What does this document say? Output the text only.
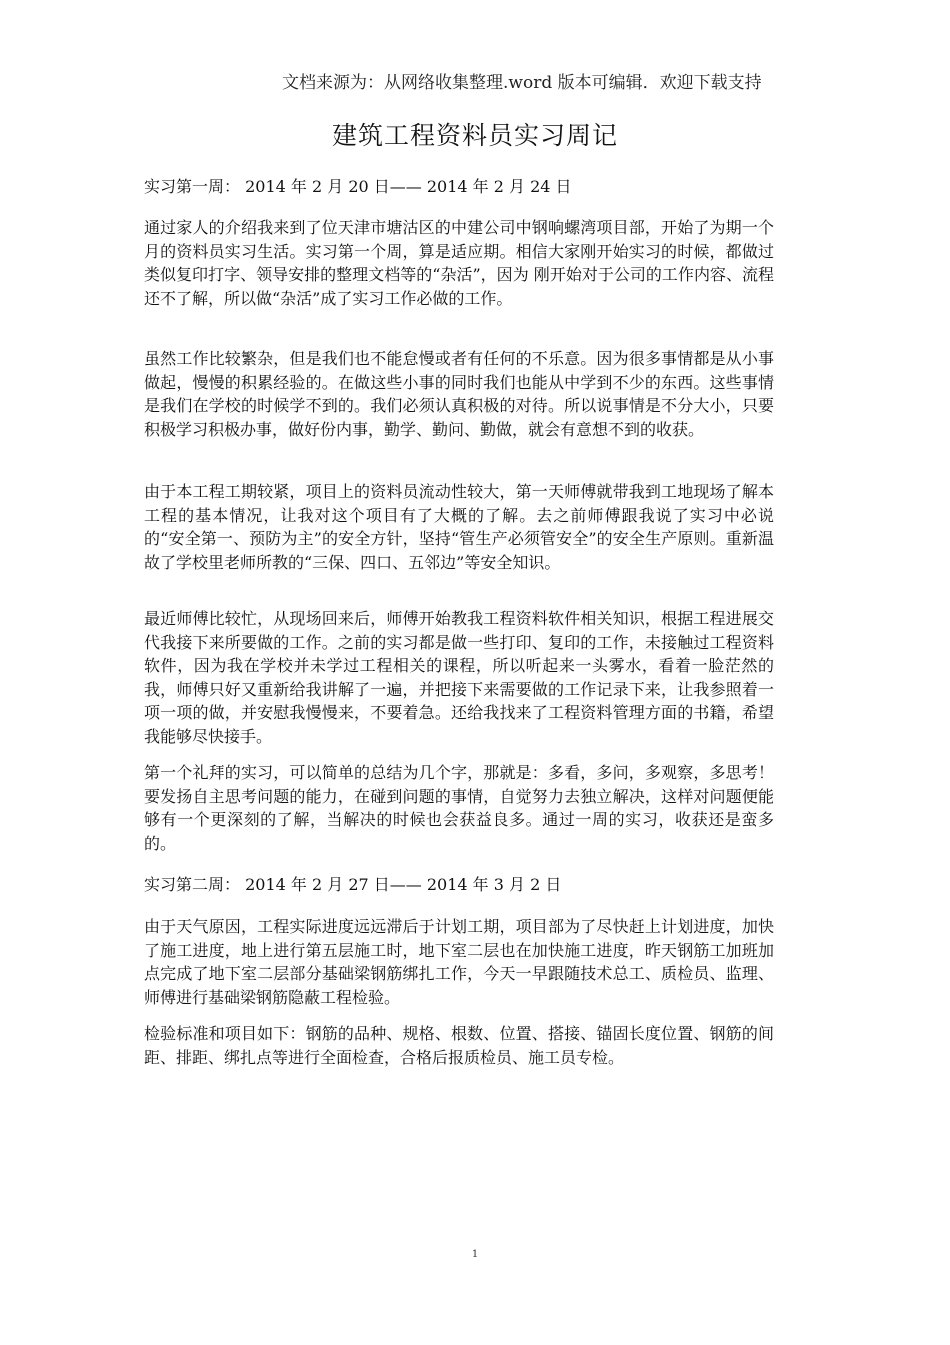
文档来源为：从网络收集整理.word 版本可编辑．欢迎下载支持
建筑工程资料员实习周记
实习第一周： 2014 年 2 月 20 日—— 2014 年 2 月 24 日

通过家人的介绍我来到了位天津市塘沽区的中建公司中钢响螺湾项目部，开始了为期一个月的资料员实习生活。实习第一个周，算是适应期。相信大家刚开始实习的时候，都做过类似复印打字、领导安排的整理文档等的“杂活”，因为 刚开始对于公司的工作内容、流程还不了解，所以做“杂活”成了实习工作必做的工作。

虽然工作比较繁杂，但是我们也不能怠慢或者有任何的不乐意。因为很多事情都是从小事做起，慢慢的积累经验的。在做这些小事的同时我们也能从中学到不少的东西。这些事情是我们在学校的时候学不到的。我们必须认真积极的对待。所以说事情是不分大小，只要积极学习积极办事，做好份内事，勤学、勤问、勤做，就会有意想不到的收获。

由于本工程工期较紧，项目上的资料员流动性较大，第一天师傅就带我到工地现场了解本工程的基本情况，让我对这个项目有了大概的了解。去之前师傅跟我说了实习中必说的“安全第一、预防为主”的安全方针，坚持“管生产必须管安全”的安全生产原则。重新温故了学校里老师所教的“三保、四口、五邻边”等安全知识。

最近师傅比较忙，从现场回来后，师傅开始教我工程资料软件相关知识，根据工程进展交代我接下来所要做的工作。之前的实习都是做一些打印、复印的工作，未接触过工程资料软件，因为我在学校并未学过工程相关的课程，所以听起来一头雾水，看着一脸茫然的我，师傅只好又重新给我讲解了一遍，并把接下来需要做的工作记录下来，让我参照着一项一项的做，并安慰我慢慢来，不要着急。还给我找来了工程资料管理方面的书籍，希望我能够尽快接手。

第一个礼拜的实习，可以简单的总结为几个字，那就是：多看，多问，多观察，多思考！要发扬自主思考问题的能力，在碰到问题的事情，自觉努力去独立解决，这样对问题便能够有一个更深刻的了解，当解决的时候也会获益良多。通过一周的实习，收获还是蛮多的。

实习第二周： 2014 年 2 月 27 日—— 2014 年 3 月 2 日

由于天气原因，工程实际进度远远滞后于计划工期，项目部为了尽快赶上计划进度，加快了施工进度，地上进行第五层施工时，地下室二层也在加快施工进度，昨天钢筋工加班加点完成了地下室二层部分基础梁钢筋绑扎工作，今天一早跟随技术总工、质检员、监理、师傅进行基础梁钢筋隐蔽工程检验。

检验标准和项目如下：钢筋的品种、规格、根数、位置、搭接、锚固长度位置、钢筋的间距、排距、绑扎点等进行全面检查，合格后报质检员、施工员专检。

1
